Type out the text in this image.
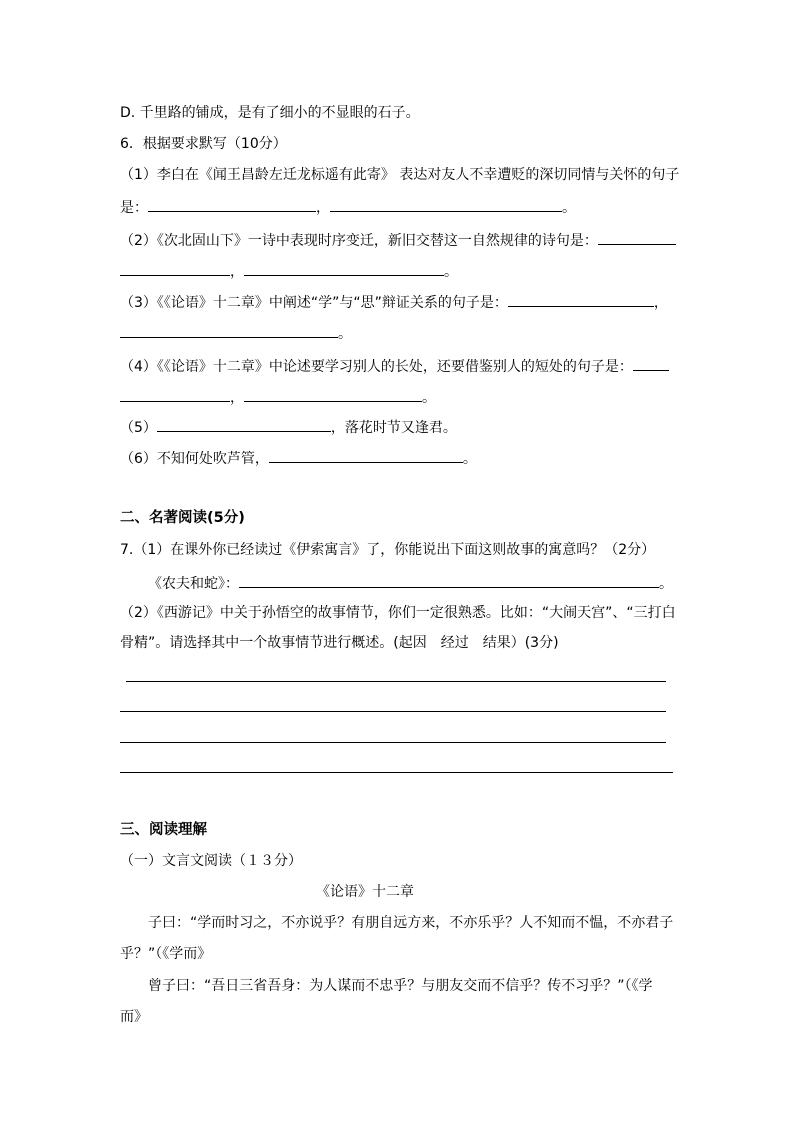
D. 千里路的铺成，是有了细小的不显眼的石子。
6．根据要求默写（10分）
（1）李白在《闻王昌龄左迁龙标遥有此寄》 表达对友人不幸遭贬的深切同情与关怀的句子
是：	，	。
（2）《次北固山下》一诗中表现时序变迁，新旧交替这一自然规律的诗句是：
，	。
（3）《《论语》十二章》中阐述“学”与“思”辩证关系的句子是：	，
。
（4）《《论语》十二章》中论述要学习别人的长处，还要借鉴别人的短处的句子是：
，	。
（5）	，落花时节又逢君。
（6）不知何处吹芦管，	。
二、名著阅读(5分)
7.（1）在课外你已经读过《伊索寓言》了，你能说出下面这则故事的寓意吗？（2分）
《农夫和蛇》：	。
（2）《西游记》中关于孙悟空的故事情节，你们一定很熟悉。比如：“大闹天宫”、“三打白
骨精”。请选择其中一个故事情节进行概述。(起因　经过　结果）(3分)
三、阅读理解
（一）文言文阅读（１３分）
《论语》十二章
子曰：“学而时习之，不亦说乎？有朋自远方来，不亦乐乎？人不知而不愠，不亦君子
乎？”（《学而》
曾子曰：“吾日三省吾身：为人谋而不忠乎？与朋友交而不信乎？传不习乎？”（《学
而》
